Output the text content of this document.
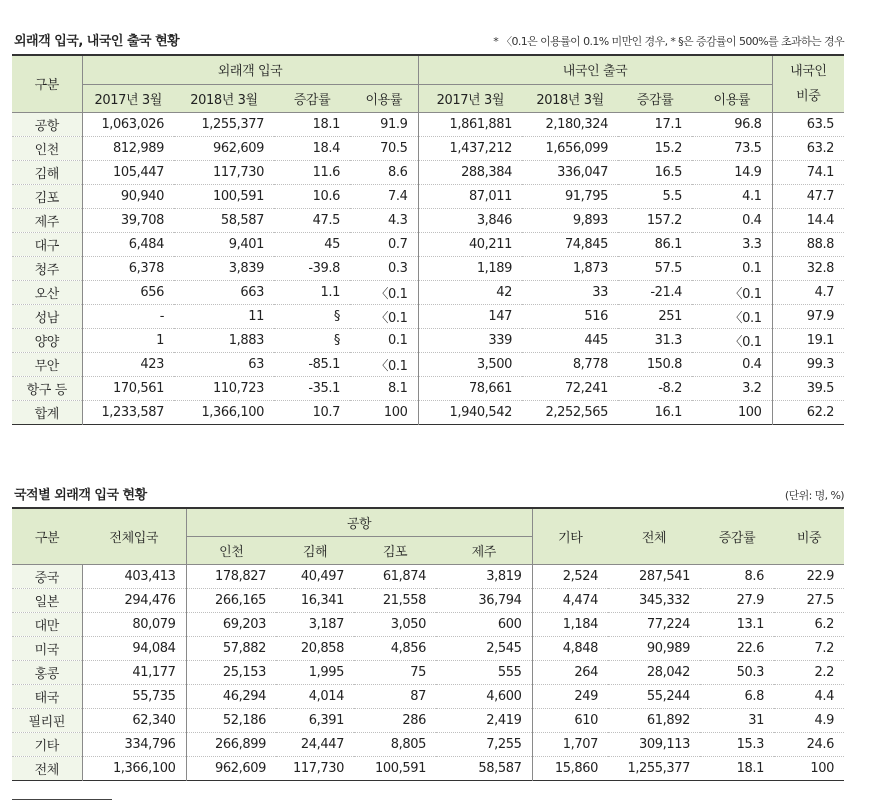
외래객 입국, 내국인 출국 현황	* 〈0.1은 이용률이 0.1% 미만인 경우, * §은 증감률이 500%를 초과하는 경우
구분	외래객 입국				내국인 출국				내국인
비중
	2017년 3월	2018년 3월	증감률	이용률	2017년 3월	2018년 3월	증감률	이용률	
공항	1,063,026	1,255,377	18.1	91.9	1,861,881	2,180,324	17.1	96.8	63.5
인천	812,989	962,609	18.4	70.5	1,437,212	1,656,099	15.2	73.5	63.2
김해	105,447	117,730	11.6	8.6	288,384	336,047	16.5	14.9	74.1
김포	90,940	100,591	10.6	7.4	87,011	91,795	5.5	4.1	47.7
제주	39,708	58,587	47.5	4.3	3,846	9,893	157.2	0.4	14.4
대구	6,484	9,401	45	0.7	40,211	74,845	86.1	3.3	88.8
청주	6,378	3,839	-39.8	0.3	1,189	1,873	57.5	0.1	32.8
오산	656	663	1.1	〈0.1	42	33	-21.4	〈0.1	4.7
성남	-	11	§	〈0.1	147	516	251	〈0.1	97.9
양양	1	1,883	§	0.1	339	445	31.3	〈0.1	19.1
무안	423	63	-85.1	〈0.1	3,500	8,778	150.8	0.4	99.3
항구 등	170,561	110,723	-35.1	8.1	78,661	72,241	-8.2	3.2	39.5
합계	1,233,587	1,366,100	10.7	100	1,940,542	2,252,565	16.1	100	62.2
국적별 외래객 입국 현황	(단위: 명, %)
구분	전체입국	공항				기타	전체	증감률	비중
		인천	김해	김포	제주				
중국	403,413	178,827	40,497	61,874	3,819	2,524	287,541	8.6	22.9
일본	294,476	266,165	16,341	21,558	36,794	4,474	345,332	27.9	27.5
대만	80,079	69,203	3,187	3,050	600	1,184	77,224	13.1	6.2
미국	94,084	57,882	20,858	4,856	2,545	4,848	90,989	22.6	7.2
홍콩	41,177	25,153	1,995	75	555	264	28,042	50.3	2.2
태국	55,735	46,294	4,014	87	4,600	249	55,244	6.8	4.4
필리핀	62,340	52,186	6,391	286	2,419	610	61,892	31	4.9
기타	334,796	266,899	24,447	8,805	7,255	1,707	309,113	15.3	24.6
전체	1,366,100	962,609	117,730	100,591	58,587	15,860	1,255,377	18.1	100
